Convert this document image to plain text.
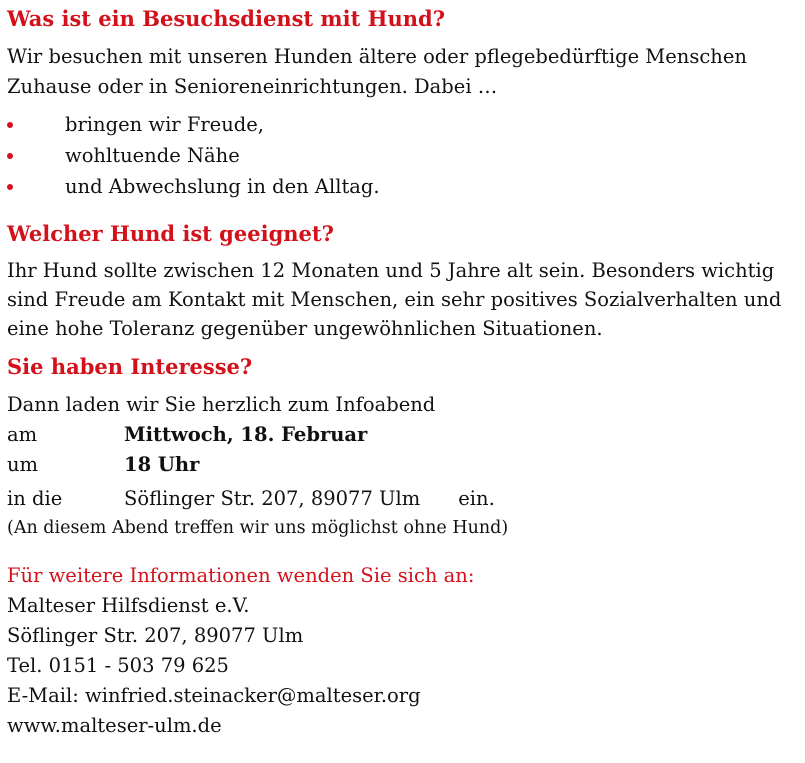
Was ist ein Besuchsdienst mit Hund?

Wir besuchen mit unseren Hunden ältere oder pflegebedürftige Menschen

Zuhause oder in Senioreneinrichtungen. Dabei …

bringen wir Freude,
wohltuende Nähe
und Abwechslung in den Alltag.
Welcher Hund ist geeignet?

Ihr Hund sollte zwischen 12 Monaten und 5 Jahre alt sein. Besonders wichtig

sind Freude am Kontakt mit Menschen, ein sehr positives Sozialverhalten und

eine hohe Toleranz gegenüber ungewöhnlichen Situationen.

Sie haben Interesse?

Dann laden wir Sie herzlich zum Infoabend

am	Mittwoch, 18. Februar
um	18 Uhr
in die	Söflinger Str. 207, 89077 Ulm ein.

(An diesem Abend treffen wir uns möglichst ohne Hund)

Für weitere Informationen wenden Sie sich an:

Malteser Hilfsdienst e.V.

Söflinger Str. 207, 89077 Ulm

Tel. 0151 - 503 79 625

E-Mail: winfried.steinacker@malteser.org

www.malteser-ulm.de
